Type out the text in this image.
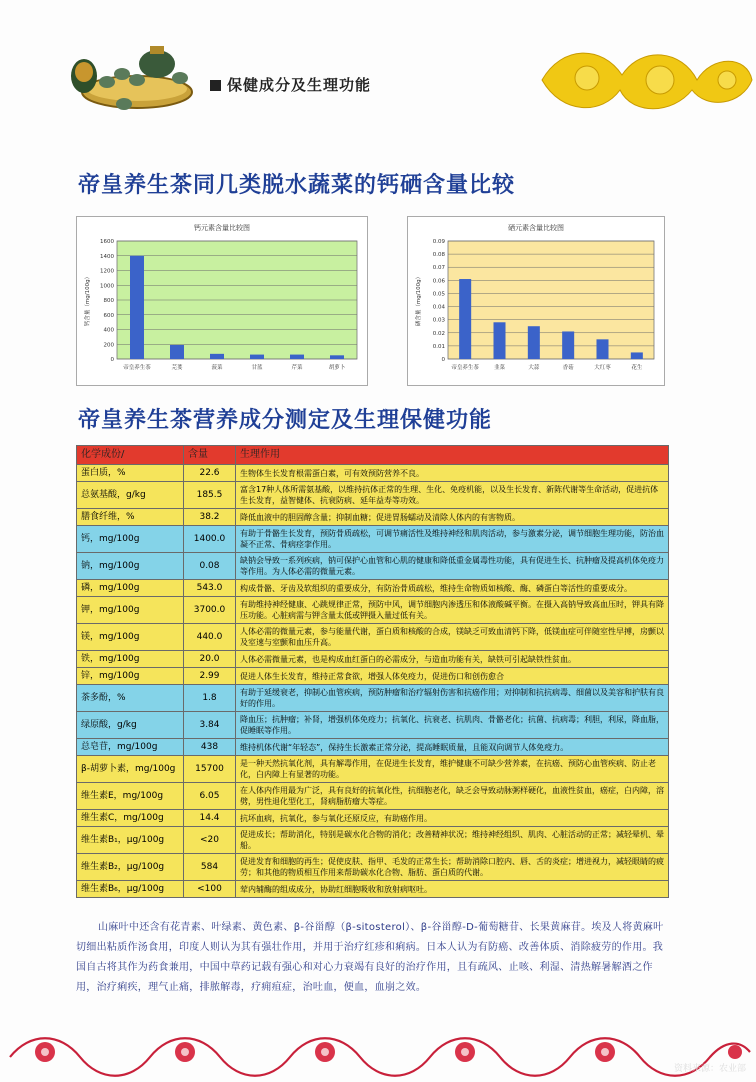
保健成分及生理功能
帝皇养生茶同几类脱水蔬菜的钙硒含量比较
钙元素含量比较图
0
200
400
600
800
1000
1200
1400
1600
钙含量（mg/100g）
帝皇养生茶	芫荽	菠菜	甘蓝	芹菜	胡萝卜
硒元素含量比较图
0
0.01
0.02
0.03
0.04
0.05
0.06
0.07
0.08
0.09
硒含量（mg/100g）
帝皇养生茶	韭菜	大蒜	香菇	大红枣	花生
帝皇养生茶营养成分测定及生理保健功能
化学成份/	含量	生理作用
蛋白质，%	22.6	生物体生长发育根需蛋白素，可有效预防营养不良。
总氨基酸，g/kg	185.5	富含17种人体所需氨基酸，以维持抗体正常的生理、生化、免疫机能，以及生长发育、新陈代谢等生命活动，促进抗体生长发育，益智健体、抗衰防病、延年益寿等功效。
膳食纤维，%	38.2	降低血液中的胆固醇含量；抑制血糖；促进胃肠蠕动及清除人体内的有害物质。
钙，mg/100g	1400.0	有助于骨骼生长发育，预防骨质疏松，可调节痛活性及维持神经和肌肉活动，参与激素分泌，调节细胞生理功能，防治血凝不正常、骨病痉挛作用。
钠，mg/100g	0.08	缺钠会导致一系列疾病，钠可保护心血管和心肌的健康和降低重金属毒性功能，具有促进生长、抗肿瘤及提高机体免疫力等作用。为人体必需的微量元素。
磷，mg/100g	543.0	构成骨骼、牙齿及软组织的重要成分，有防治骨质疏松，维持生命物质如核酸、酶、磷蛋白等活性的重要成分。
钾，mg/100g	3700.0	有助维持神经健康、心跳规律正常，预防中风，调节细胞内渗透压和体液酸碱平衡。在摄入高钠导致高血压时，钾具有降压功能。心脏病需与钾含量太低或钾摄入量过低有关。
镁，mg/100g	440.0	人体必需的微量元素，参与能量代谢，蛋白质和核酸的合成，镁缺乏可致血清钙下降，低镁血症可伴随室性早搏，房颤以及室速与室颤和血压升高。
铁，mg/100g	20.0	人体必需微量元素，也是构成血红蛋白的必需成分，与造血功能有关，缺铁可引起缺铁性贫血。
锌，mg/100g	2.99	促进人体生长发育，维持正常食欲，增强人体免疫力，促进伤口和创伤愈合
茶多酚，%	1.8	有助于延缓衰老，抑制心血管疾病，预防肿瘤和治疗辐射伤害和抗癌作用；对抑制和抗抗病毒、细菌以及美容和护肤有良好的作用。
绿原酸，g/kg	3.84	降血压；抗肿瘤；补肾，增强机体免疫力；抗氧化、抗衰老、抗肌肉、骨骼老化；抗菌、抗病毒；利胆，利尿，降血脂，促睡眠等作用。
总皂苷，mg/100g	438	维持机体代谢“年轻态”，保持生长激素正常分泌，提高睡眠质量，且能双向调节人体免疫力。
β-胡萝卜素，mg/100g	15700	是一种天然抗氧化剂，具有解毒作用，在促进生长发育，维护健康不可缺少营养素，在抗癌、预防心血管疾病、防止老化，白内障上有显著的功能。
维生素E，mg/100g	6.05	在人体内作用最为广泛，具有良好的抗氧化性，抗细胞老化，缺乏会导致动脉粥样硬化，血液性贫血，癌症，白内障，溶劈，男性退化型化工，肾病脂肪瘤大等症。
维生素C，mg/100g	14.4	抗坏血病，抗氧化，参与氧化还原反应，有助癌作用。
维生素B₁，μg/100g	<20	促进成长；帮助消化，特别是碳水化合物的消化；改善精神状况；维持神经组织、肌肉、心脏活动的正常；减轻晕机、晕船。
维生素B₂，μg/100g	584	促进发育和细胞的再生；促使皮肤、指甲、毛发的正常生长；帮助消除口腔内、唇、舌的炎症；增进视力，减轻眼睛的疲劳；和其他的物质相互作用来帮助碳水化合物、脂肪、蛋白质的代谢。
维生素B₆，μg/100g	<100	荤内辅酶的组成成分，协助红细胞吸收和放射病呕吐。
山麻叶中还含有花青素、叶绿素、黄色素、β-谷甾醇（β-sitosterol）、β-谷甾醇-D-葡萄糖苷、长果黄麻苷。埃及人将黄麻叶切细出粘质作汤食用，印度人则认为其有强壮作用，并用于治疗红疹和痢病。日本人认为有防癌、改善体质、消除疲劳的作用。我国自古将其作为药食兼用，中国中草药记载有强心和对心力衰竭有良好的治疗作用，且有疏风、止咳、利湿、清热解暑解酒之作用，治疗痢疾，理气止痛，排脓解毒，疗痈疽症，治吐血，便血，血崩之效。
资料来源：农业部
